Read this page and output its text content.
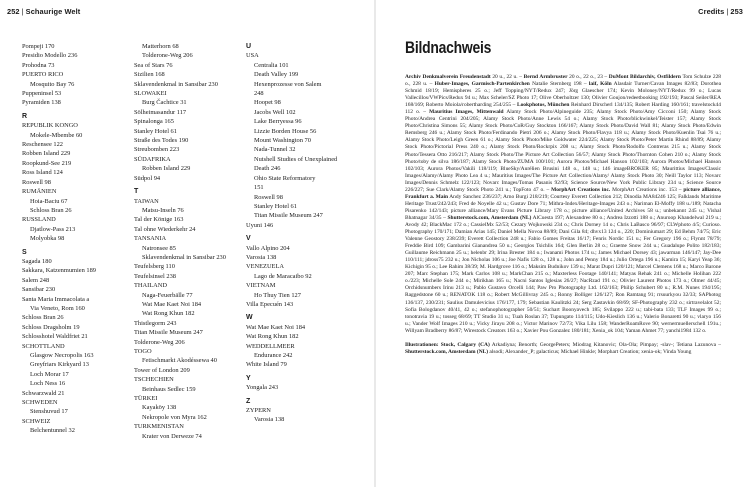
252 | Schaurige Welt	Credits | 253
Pompeji 170
Presidio Modello 236
Prohodna 73
PUERTO RICO
Mosquito Bay 76
Puppeninsel 53
Pyramiden 138
R
REPUBLIK KONGO
Mokele-Mbembe 60
Reschensee 122
Robben Island 229
Roopkund-See 219
Ross Island 124
Roswell 98
RUMÄNIEN
Hoia-Baciu 67
Schloss Bran 26
RUSSLAND
Djatlow-Pass 213
Molyobka 98
S
Sagada 180
Sakkara, Katzenmumien 189
Salem 248
Sansibar 230
Santa Maria Immacolata a
Via Veneto, Rom 160
Schloss Bran 26
Schloss Dragsholm 19
Schlosshotel Waldfriet 21
SCHOTTLAND
Glasgow Necropolis 163
Greyfriars Kirkyard 13
Loch Morar 17
Loch Ness 16
Schwarzwald 21
SCHWEDEN
Stenshuvud 17
SCHWEIZ
Belchentunnel 32
Matterhorn 68
Tolderone-Weg 206
Sea of Stars 76
Sizilien 168
Sklavendenkmal in Sansibar 230
SLOWAKEI
Burg Čachtice 31
Sölheimasandur 117
Spinalonga 165
Stanley Hotel 61
Straße des Todes 190
Streubomben 223
SÜDAFRIKA
Robben Island 229
Südpol 94
T
TAIWAN
Matsu-Inseln 76
Tal der Könige 163
Tal ohne Wiederkehr 24
TANSANIA
Natronsee 85
Sklavendenkmal in Sansibar 230
Teufelsberg 110
Teufelsinsel 238
THAILAND
Naga-Feuerbälle 77
Wat Mae Kaet Noi 184
Wat Rong Khun 182
Thistlegorm 243
Titan Missile Museum 247
Tolderone-Weg 206
TOGO
Fetischmarkt Akodéssewa 40
Tower of London 209
TSCHECHIEN
Beinhaus Sedlec 159
TÜRKEI
Kayaköy 138
Nekropole von Myra 162
TURKMENISTAN
Krater von Derweze 74
U
USA
Centralia 101
Death Valley 199
Hexenprozesse von Salem
248
Hoopet 98
Jacobs Well 102
Lake Berryessa 96
Lizzie Borden House 56
Mount Washington 70
Nada-Tunnel 32
Nutshell Studies of Unexplained
Death 246
Ohio State Reformatory
151
Roswell 98
Stanley Hotel 61
Titan Missile Museum 247
Uyuni 146
V
Vallo Alpino 204
Varosia 138
VENEZUELA
Lago de Maracaibo 92
VIETNAM
Ho Thuy Tien 127
Villa Epecuén 143
W
Wat Mae Kaet Noi 184
Wat Rong Khun 182
WEDDELLMEER
Endurance 242
White Island 79
Y
Yongala 243
Z
ZYPERN
Varosia 138
Bildnachweis

Archiv Denkmalverein Freudenstadt 20 u., 22 u. – Bernd Armbruster 20 o., 22 o., 23 – DuMont Bildarchiv, Ostfildern Tom Schulze 228 o., 228 u. – Huber-Images, Garmisch-Partenkirchen Natalie Sternberg 198 – laif, Köln Alasdair Turner/Cavan Images 82/83; Dorothea Schmid 18/19; Hemispheres 25 o.; Jeff Topping/NYT/Redux 247; Jörg Glaescher 174; Kevin Moloney/NYT/Redux 99 o.; Lucas Vallecillos/VWPics/Redux 94 u.; Max Scheler/SZ Photo 17; Olive Oberholtzer 130; Olivier Goujon/redeetbooking 192/193; Pascal Seiler/REA 168/169; Roberto Moiola/robertharding 254/255 – Lookphotos, München Reinhard Dirscherl 134/135; Robert Harding 160/161; travelstock44 112 o. – Mauritius Images, Mittenwald Alamy Stock Photo/Alpineguide 235; Alamy Stock Photo/Amy Cicconi 150; Alamy Stock Photo/Andrea Centrini 204/205; Alamy Stock Photo/Anne Lewis 54 o.; Alamy Stock Photo/blickwinkel/Teister 157; Alamy Stock Photo/Christina Simons 55; Alamy Stock Photo/CoR/Guy Stockton 166/167; Alamy Stock Photo/David Wall 81; Alamy Stock Photo/Edwin Remsberg 246 u.; Alamy Stock Photo/Ferdinando Pietri 206 o.; Alamy Stock Photo/Flavya 118 u.; Alamy Stock Photo/Kuenlin Tsai 76 u.; Alamy Stock Photo/Leigh Green 61 o.; Alamy Stock Photo/Mike Goldwater 224/225; Alamy Stock Photo/Peter Martin Rhind 88/89; Alamy Stock Photo/Pictorial Press 240 o.; Alamy Stock Photo/Rockrpix 208 u.; Alamy Stock Photo/Rodolfo Contreras 215 u.; Alamy Stock Photo/Tessera Otto 216/217; Alamy Stock Photo/The Picture Art Collection 56/57; Alamy Stock Photo/Thornton Cohen 210 o.; Alamy Stock Photo/toby de silva 186/187; Alamy Stock Photo/ZUMA 100/101; Aurora Photos/Michael Hanson 102/103; Aurora Photos/Michael Hanson 102/103; Aurora Photos/Vakili 118/119; BlueSky/Aurélien Brusini 148 o., 148 u.; 146 imageBROKER 85; Maurittius Images/Classic Images/Alamy/Alamy Photo Lea 4 u.; Mauritius Images/The Picture Art Collection/Alamy/ Alamy Stock Photo 30; Neill Taylor 113; Novarc Images/Dennis Schmelz 122/123; Novarc Images/Tomas Pasanis 92/93; Science Source/New York Public Library 234 u.; Science Source 226/227; Sue Clark/Alamy Stock Photo 241 u.; TopFoto 47 o. – MorphArt Creations inc. MorphArt Creations inc. 153 – picture alliance, Frankfurt a. Main Andy Sanchez 236/237; Arno Burgi 218/219; Courtesy Everett Collection 212; Dinodia MA84246 125; Falklands Maritime Heritage Trust/242/243; Fred de Noyelle 42 u.; Gustav Dore 71; Mithra-Index/Heritage-Images 243 o.; Nariman El-Moffy 188 u./189; Natacha Pisarenko 142/143; picture alliance/Mary Evans Picture Library 178 o.; picture alliance/United Archives 58 u.; unbekannt 245 u.; Vishal Bhatnagar 34/35 – Shutterstock.com, Amsterdam (NL) AlCuesta 197; Alexandree 80 o.; Andrea Izzotti 188 o.; Anuroop Khandelwal 219 u.; Avody 42; BlackMac 172 o.; CassielMx 52/53; Cezary Wojkowski 234 o.; Chris Dorney 14 o.; Chris LaBasco 96/97; CLWphoto 4/5; Curioso. Photography 170/171; Damian Arias 145; Daniel Mella Novoa 88/89; Dani Gila 84; dhvx13 124 o., 220; Dominiumart 29; Ed Behm 74/75; Eric Valenne Geostory 238/239; Everett Collection 248 u.; Fabio Gomes Freitas 16/17; Fenris Nordic 151 u.; Fer Gregory 196 o.; Flynnt 78/79; Freddie Bird 109; Gambarini Gianandrea 50 u.; Georgios Tsichlis 164; Glen Berlin 28 o.; Graeme Snow 244 u.; Guadalupe Polito 182/183; Guillaume Reichmann 25 u.; helenbr 29; Irina Brester 184 o.; Iwanami Photos 174 u.; James Michael Dorsey 43; jawarman 146/147; Jay-Dee 110/111; jdross75 232 u.; Jon Nicholas 106 u.; Joe Nafis 128 o., 128 u.; John and Penny 184 u.; Julio Ortega 196 u.; Kamira 15; Karyi Yeap 36; Kichigin 95 o.; Lee Rahim 38/39; M. Hardgrove 116 o.; Maksim Budnikov 139 u.; Marat Dupri 120/121; Marcel Clemens 168 u.; Marco Barone 207; Marc Stephan 175; Mark Carlos 108 u.; MarkChan 215 o.; Maxterless Footage 140/141; Matyas Rehak 241 o.; Michelle Holihan 222 o./223; Michelle Sole 244 o.; Mirikhan 165 u.; Nacni Santos Iglesias 26/27; NacRzad 191 o.; Olivier Laurent Photos 173 o.; Olmer 44/45; Orchidsnumbers Irinu 213 u.; Pablo Gustavo Orcelli 144; Paw Pro Photography Ltd. 162/163; Philip Schubert 80 u.; R.M. Nunes 194/195; Raggedstone 60 u.; RENATOK 118 o.; Robert McGillivray 245 o.; Ronny Bolliger 126/127; Ron Ramtang 91; rrsuurkyou 32/33; SAPhotog 136/137, 230/231; Saulius Damulevicius 176/177, 179; Sebastian Kaulitzki 24; Serg Zastavkin 68/69; SF-Photography 232 o.; sirtravelalot 52; Sofia Bologdanov 40/41, 42 o.; stefanophotographer 50/51; Suchart Boonyavech 185; Svilappo 222 u.; tabi-bata 133; TLF Images 99 o.; tonotravia 19 u.; tosseg 68/69; TT Studio 31 u.; Tuah Roslan 37; Tupungato 114/115; Udo-Kieslich 136 u.; Valerio Bonaretti 90 u.; vlaryo 156 u.; Vander Wolf Images 210 u.; Vicky Jirayu 208 o.; Victor Marinov 72/73; Vika Lilu 158; WanderRoamRove 90; wernermuellerschell 191u.; Willyam Bradberry 86/87; Wirestock Creators 163 o.; Xavier Pou Gonzalez 180/181; Xenia_ok 104; Yaman Ahmet 77; yanchi1984 132 o.

Illustrationen: Stock, Calgary (CA) Arkadiyna; Benorth; GeorgePeters; Miodrag Kitanovic; Ola-Ola; Pimpay; -slav-; Tetiana Lazunova – Shutterstock.com, Amsterdam (NL) alsodi; Alexander_P; galacticus; Michael Hinkle; Morphart Creation; xenia-ok; Vinda Young
